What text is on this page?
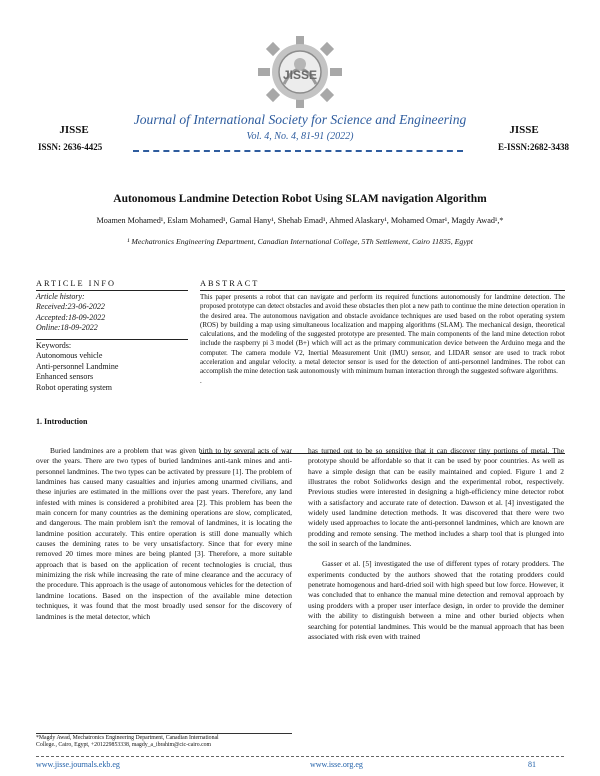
JISSE
JISSE
ISSN: 2636-4425
JISSE
E-ISSN:2682-3438
Journal of International Society for Science and Engineering
Vol. 4, No. 4, 81-91 (2022)
Autonomous Landmine Detection Robot Using SLAM navigation Algorithm
Moamen Mohamed¹, Eslam Mohamed¹, Gamal Hany¹, Shehab Emad¹, Ahmed Alaskary¹, Mohamed Omar¹, Magdy Awad¹,*
¹ Mechatronics Engineering Department, Canadian International College, 5Th Settlement, Cairo 11835, Egypt
ARTICLE INFO	ABSTRACT
Article history:
Received:23-06-2022
Accepted:18-09-2022
Online:18-09-2022
Keywords:
Autonomous vehicle
Anti-personnel Landmine
Enhanced sensors
Robot operating system
This paper presents a robot that can navigate and perform its required functions autonomously for landmine detection. The proposed prototype can detect obstacles and avoid these obstacles then plot a new path to continue the mine detection operation in the desired area. The autonomous navigation and obstacle avoidance techniques are used based on the robot operating system (ROS) by building a map using simultaneous localization and mapping algorithms (SLAM). The mechanical design, theoretical calculations, and the modeling of the suggested prototype are presented. The main components of the land mine detection robot include the raspberry pi 3 model (B+) which will act as the primary communication device between the Arduino mega and the computer. The camera module V2, Inertial Measurement Unit (IMU) sensor, and LIDAR sensor are used to track robot acceleration and angular velocity. a metal detector sensor is used for the detection of anti-personnel landmines. The robot can accomplish the mine detection task autonomously with minimum human interaction through the suggested software algorithms.
.
1. Introduction

Buried landmines are a problem that was given birth to by several acts of war over the years. There are two types of buried landmines anti-tank mines and anti-personnel landmines. The two types can be activated by pressure [1]. The problem of landmines has caused many casualties and injuries among unarmed civilians, and these injuries are estimated in the millions over the past years. Therefore, any land infested with mines is considered a prohibited area [2]. This problem has been the main concern for many countries as the demining operations are slow, complicated, and dangerous. The main problem isn't the removal of landmines, it is locating the landmine position accurately. This entire operation is still done manually which causes the demining rates to be very unsatisfactory. Since that for every mine removed 20 times more mines are being planted [3]. Therefore, a more suitable approach that is based on the application of recent technologies is crucial, thus minimizing the risk while increasing the rate of mine clearance and the accuracy of the procedure. This approach is the usage of autonomous vehicles for the detection of landmine locations. Based on the inspection of the available mine detection techniques, it was found that the most broadly used sensor for the discovery of landmines is the metal detector, which

has turned out to be so sensitive that it can discover tiny portions of metal. The prototype should be affordable so that it can be used by poor countries. As well as have a simple design that can be easily maintained and copied. Figure 1 and 2 illustrates the robot Solidworks design and the experimental robot, respectively. Previous studies were interested in designing a high-efficiency mine detector robot with a satisfactory and accurate rate of detection. Dawson et al. [4] investigated the widely used landmine detection methods. It was discovered that there were two widely used approaches to locate the anti-personnel landmines, which are known are prodding and remote sensing. The method includes a sharp tool that is plunged into the soil in search of the landmines.

Gasser et al. [5] investigated the use of different types of rotary prodders. The experiments conducted by the authors showed that the rotating prodders could penetrate homogenous and hard-dried soil with high speed but low force. However, it was concluded that to enhance the manual mine detection and removal approach by using prodders with a proper user interface design, in order to provide the deminer with the ability to distinguish between a mine and other buried objects when searching for potential landmines. This would be the manual approach that has been associated with risk even with trained

*Magdy Awad, Mechatronics Engineering Department, Canadian International
College., Cairo, Egypt, +201229853338, magdy_a_ibrahim@cic-cairo.com
www.jisse.journals.ekb.eg	www.isse.org.eg	81
